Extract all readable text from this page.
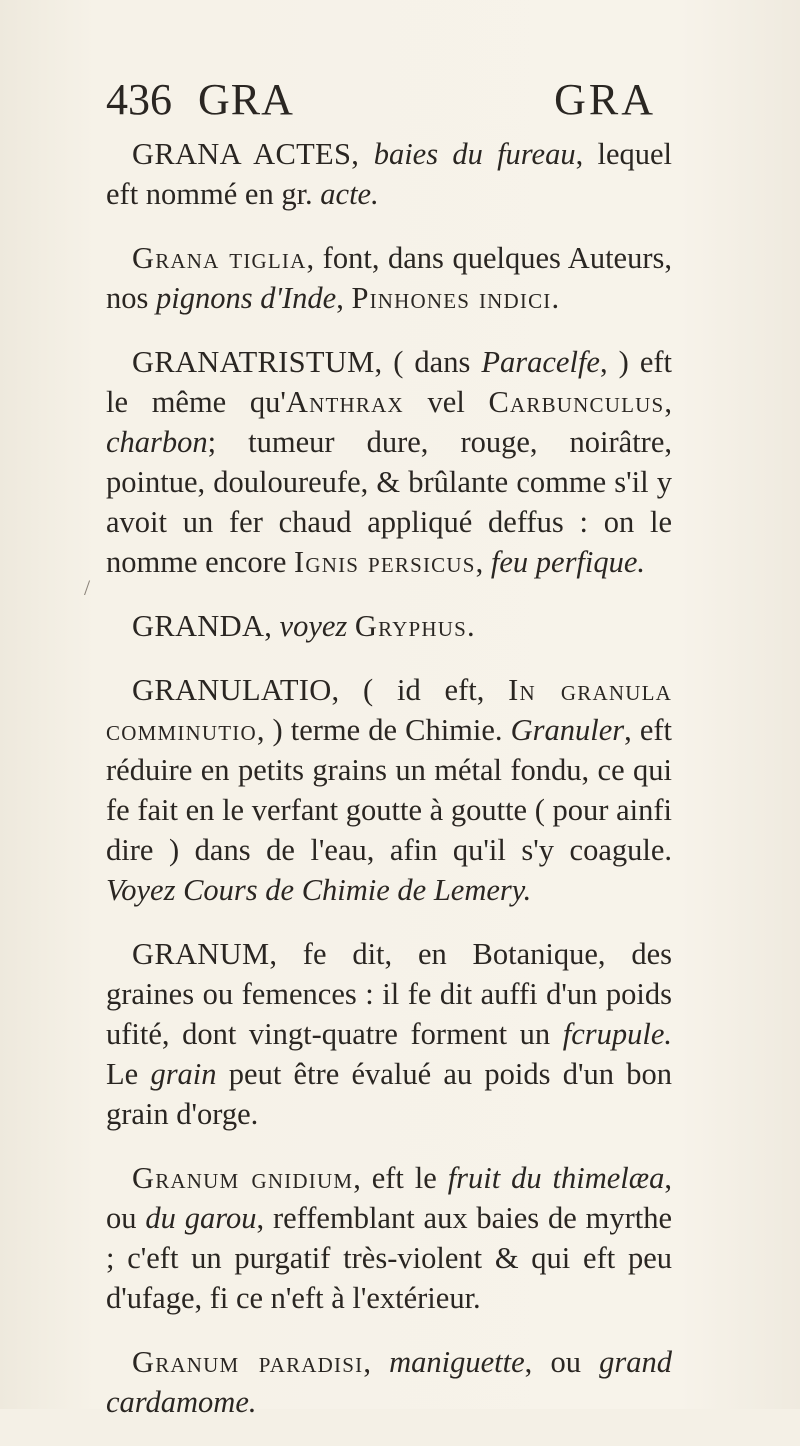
436 GRA	GRA
/

GRANA ACTES, baies du fureau, lequel eft nommé en gr. acte.

Grana tiglia, font, dans quelques Auteurs, nos pignons d'Inde, Pinhones indici.

GRANATRISTUM, ( dans Paracelfe, ) eft le même qu'Anthrax vel Carbunculus, charbon; tumeur dure, rouge, noirâtre, pointue, douloureufe, & brûlante comme s'il y avoit un fer chaud appliqué deffus : on le nomme encore Ignis persicus, feu perfique.

GRANDA, voyez Gryphus.

GRANULATIO, ( id eft, In granula comminutio, ) terme de Chimie. Granuler, eft réduire en petits grains un métal fondu, ce qui fe fait en le verfant goutte à goutte ( pour ainfi dire ) dans de l'eau, afin qu'il s'y coagule. Voyez Cours de Chimie de Lemery.

GRANUM, fe dit, en Botanique, des graines ou femences : il fe dit auffi d'un poids ufité, dont vingt-quatre forment un fcrupule. Le grain peut être évalué au poids d'un bon grain d'orge.

Granum gnidium, eft le fruit du thimelæa, ou du garou, reffemblant aux baies de myrthe ; c'eft un purgatif très-violent & qui eft peu d'ufage, fi ce n'eft à l'extérieur.

Granum paradisi, maniguette, ou grand cardamome.
